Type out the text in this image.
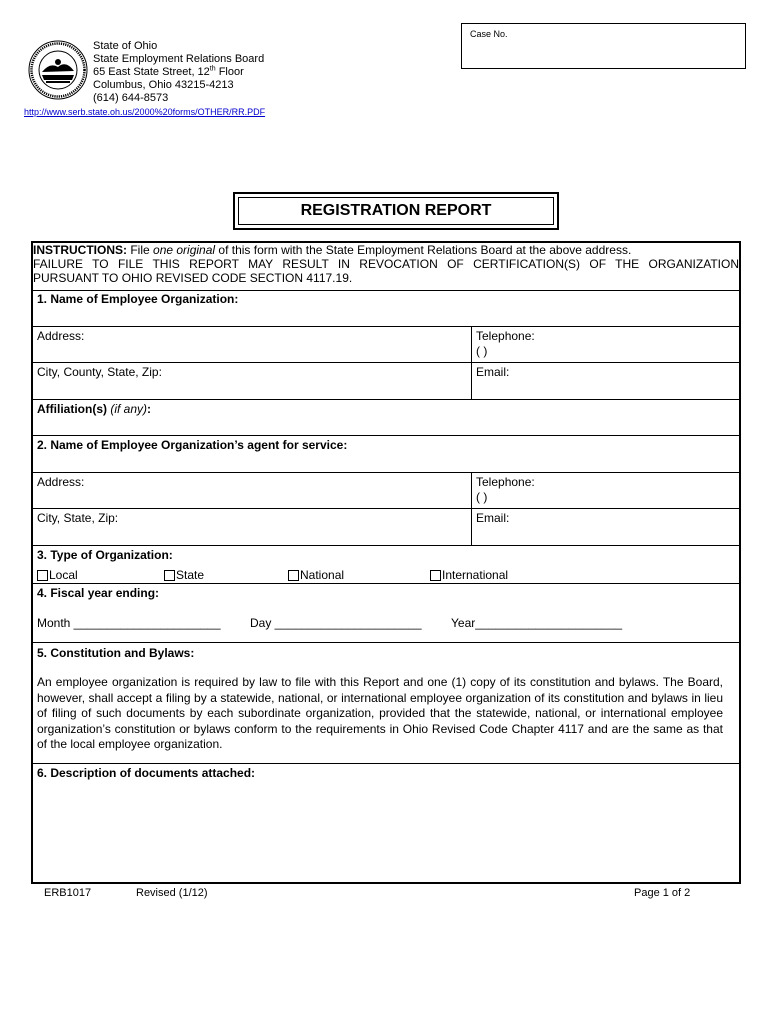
State of Ohio
State Employment Relations Board
65 East State Street, 12th Floor
Columbus, Ohio 43215-4213
(614) 644-8573
http://www.serb.state.oh.us/2000%20forms/OTHER/RR.PDF
Case No.
REGISTRATION REPORT
INSTRUCTIONS: File one original of this form with the State Employment Relations Board at the above address.
FAILURE TO FILE THIS REPORT MAY RESULT IN REVOCATION OF CERTIFICATION(S) OF THE ORGANIZATION
PURSUANT TO OHIO REVISED CODE SECTION 4117.19.
1. Name of Employee Organization:
Address:	Telephone:
( )
City, County, State, Zip:	Email:
Affiliation(s) (if any):
2. Name of Employee Organization’s agent for service:
Address:	Telephone:
( )
City, State, Zip:	Email:
3. Type of Organization:
Local	State	National	International
4. Fiscal year ending:
Month ______________________ Day ______________________ Year______________________
5. Constitution and Bylaws:
An employee organization is required by law to file with this Report and one (1) copy of its constitution and bylaws. The Board, however, shall accept a filing by a statewide, national, or international employee organization of its constitution and bylaws in lieu of filing of such documents by each subordinate organization, provided that the statewide, national, or international employee organization’s constitution or bylaws conform to the requirements in Ohio Revised Code Chapter 4117 and are the same as that of the local employee organization.
6. Description of documents attached:
ERB1017	Revised (1/12)	Page 1 of 2
